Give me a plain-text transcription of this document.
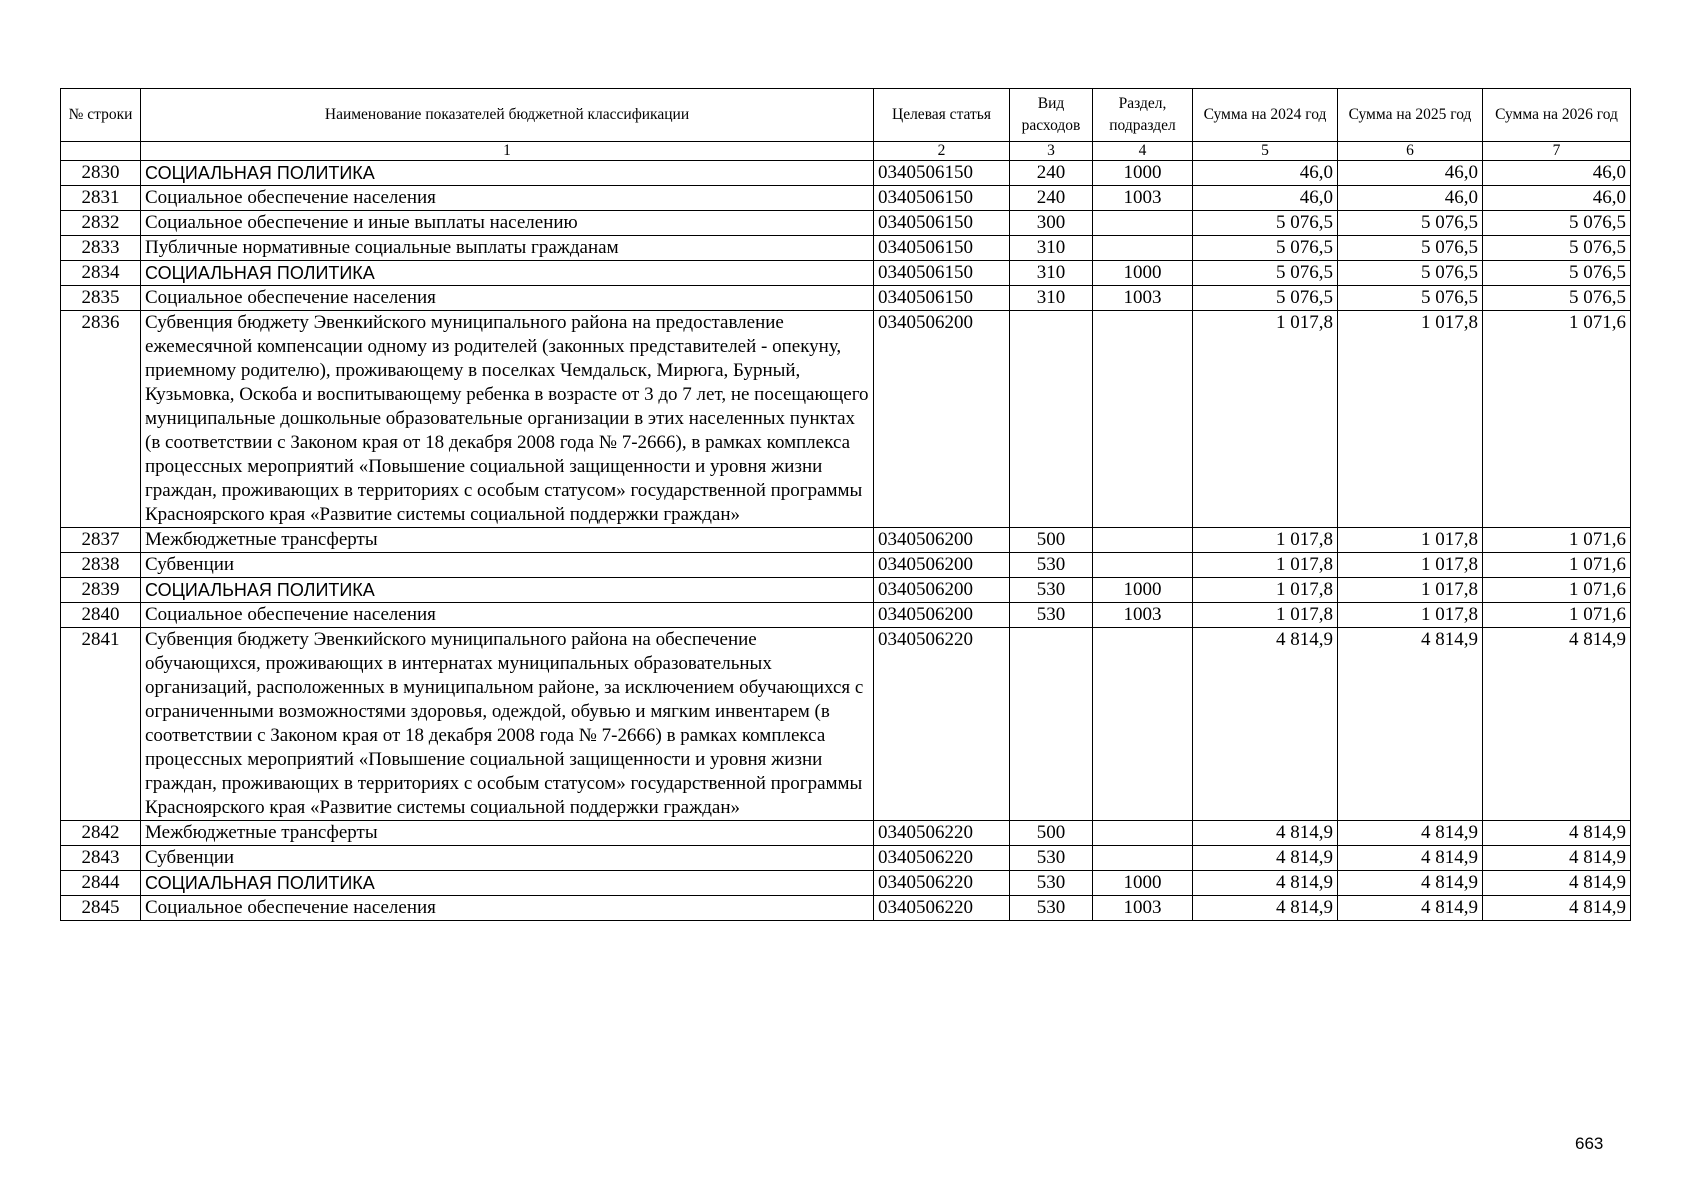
№ строки	Наименование показателей бюджетной классификации	Целевая статья	Вид расходов	Раздел, подраздел	Сумма на 2024 год	Сумма на 2025 год	Сумма на 2026 год
	1	2	3	4	5	6	7
2830	СОЦИАЛЬНАЯ ПОЛИТИКА	0340506150	240	1000	46,0	46,0	46,0
2831	Социальное обеспечение населения	0340506150	240	1003	46,0	46,0	46,0
2832	Социальное обеспечение и иные выплаты населению	0340506150	300		5 076,5	5 076,5	5 076,5
2833	Публичные нормативные социальные выплаты гражданам	0340506150	310		5 076,5	5 076,5	5 076,5
2834	СОЦИАЛЬНАЯ ПОЛИТИКА	0340506150	310	1000	5 076,5	5 076,5	5 076,5
2835	Социальное обеспечение населения	0340506150	310	1003	5 076,5	5 076,5	5 076,5
2836	Субвенция бюджету Эвенкийского муниципального района на предоставление ежемесячной компенсации одному из родителей (законных представителей - опекуну, приемному родителю), проживающему в поселках Чемдальск, Мирюга, Бурный, Кузьмовка, Оскоба и воспитывающему ребенка в возрасте от 3 до 7 лет, не посещающего муниципальные дошкольные образовательные организации в этих населенных пунктах (в соответствии с Законом края от 18 декабря 2008 года № 7-2666), в рамках комплекса процессных мероприятий «Повышение социальной защищенности и уровня жизни граждан, проживающих в территориях с особым статусом» государственной программы Красноярского края «Развитие системы социальной поддержки граждан»	0340506200			1 017,8	1 017,8	1 071,6
2837	Межбюджетные трансферты	0340506200	500		1 017,8	1 017,8	1 071,6
2838	Субвенции	0340506200	530		1 017,8	1 017,8	1 071,6
2839	СОЦИАЛЬНАЯ ПОЛИТИКА	0340506200	530	1000	1 017,8	1 017,8	1 071,6
2840	Социальное обеспечение населения	0340506200	530	1003	1 017,8	1 017,8	1 071,6
2841	Субвенция бюджету Эвенкийского муниципального района на обеспечение обучающихся, проживающих в интернатах муниципальных образовательных организаций, расположенных в муниципальном районе, за исключением обучающихся с ограниченными возможностями здоровья, одеждой, обувью и мягким инвентарем (в соответствии с Законом края от 18 декабря 2008 года № 7-2666) в рамках комплекса процессных мероприятий «Повышение социальной защищенности и уровня жизни граждан, проживающих в территориях с особым статусом» государственной программы Красноярского края «Развитие системы социальной поддержки граждан»	0340506220			4 814,9	4 814,9	4 814,9
2842	Межбюджетные трансферты	0340506220	500		4 814,9	4 814,9	4 814,9
2843	Субвенции	0340506220	530		4 814,9	4 814,9	4 814,9
2844	СОЦИАЛЬНАЯ ПОЛИТИКА	0340506220	530	1000	4 814,9	4 814,9	4 814,9
2845	Социальное обеспечение населения	0340506220	530	1003	4 814,9	4 814,9	4 814,9
663
